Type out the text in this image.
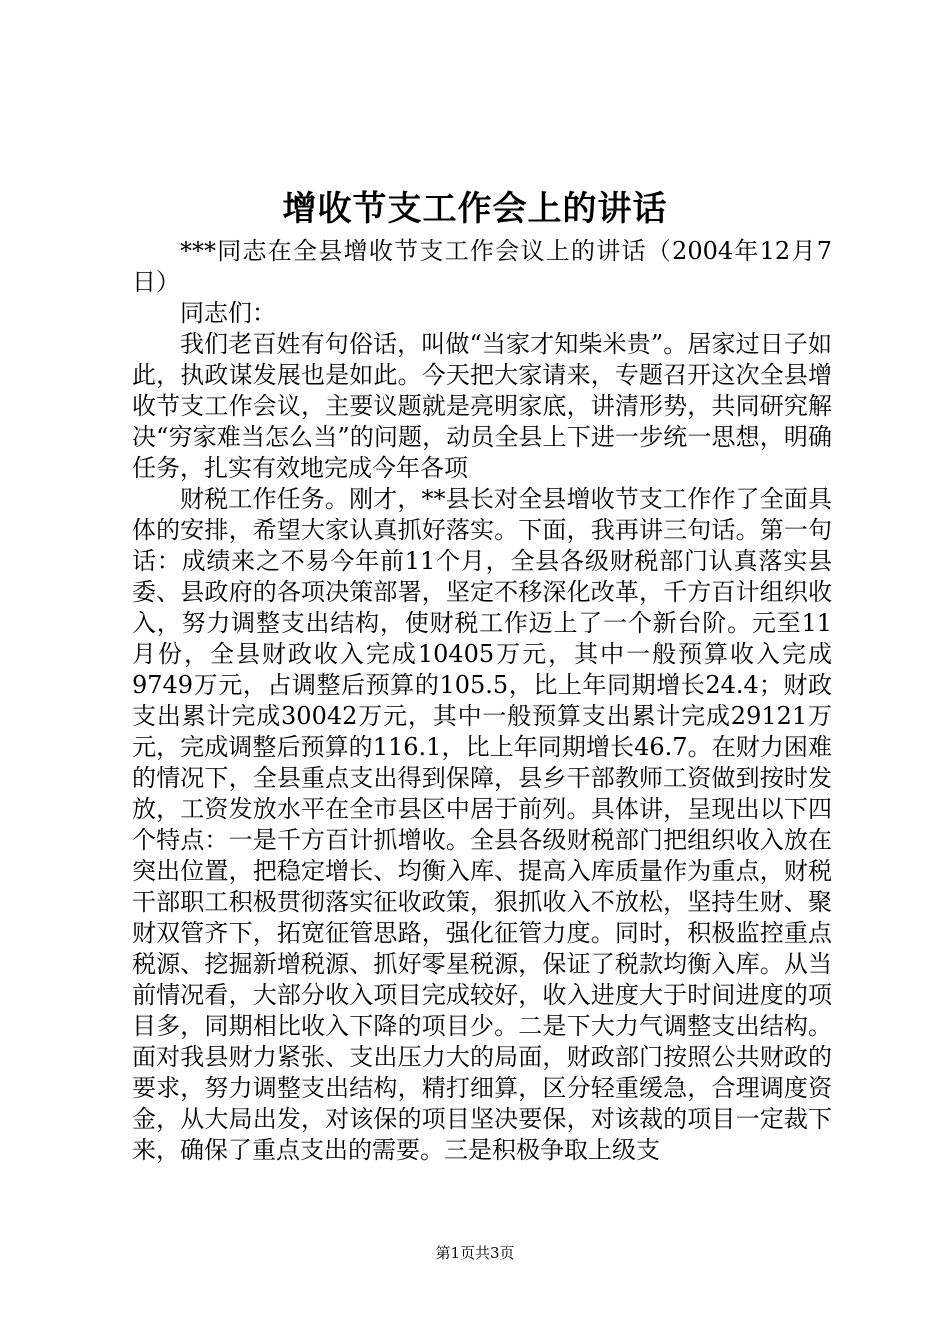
增收节支工作会上的讲话

***同志在全县增收节支工作会议上的讲话（2004年12月7日）

同志们：

我们老百姓有句俗话，叫做“当家才知柴米贵”。居家过日子如此，执政谋发展也是如此。今天把大家请来，专题召开这次全县增收节支工作会议，主要议题就是亮明家底，讲清形势，共同研究解决“穷家难当怎么当”的问题，动员全县上下进一步统一思想，明确任务，扎实有效地完成今年各项

财税工作任务。刚才，**县长对全县增收节支工作作了全面具体的安排，希望大家认真抓好落实。下面，我再讲三句话。第一句话：成绩来之不易今年前11个月，全县各级财税部门认真落实县委、县政府的各项决策部署，坚定不移深化改革，千方百计组织收入，努力调整支出结构，使财税工作迈上了一个新台阶。元至11月份，全县财政收入完成10405万元，其中一般预算收入完成9749万元，占调整后预算的105.5，比上年同期增长24.4；财政支出累计完成30042万元，其中一般预算支出累计完成29121万元，完成调整后预算的116.1，比上年同期增长46.7。在财力困难的情况下，全县重点支出得到保障，县乡干部教师工资做到按时发放，工资发放水平在全市县区中居于前列。具体讲，呈现出以下四个特点：一是千方百计抓增收。全县各级财税部门把组织收入放在突出位置，把稳定增长、均衡入库、提高入库质量作为重点，财税干部职工积极贯彻落实征收政策，狠抓收入不放松，坚持生财、聚财双管齐下，拓宽征管思路，强化征管力度。同时，积极监控重点税源、挖掘新增税源、抓好零星税源，保证了税款均衡入库。从当前情况看，大部分收入项目完成较好，收入进度大于时间进度的项目多，同期相比收入下降的项目少。二是下大力气调整支出结构。面对我县财力紧张、支出压力大的局面，财政部门按照公共财政的要求，努力调整支出结构，精打细算，区分轻重缓急，合理调度资金，从大局出发，对该保的项目坚决要保，对该裁的项目一定裁下来，确保了重点支出的需要。三是积极争取上级支

第1页共3页
